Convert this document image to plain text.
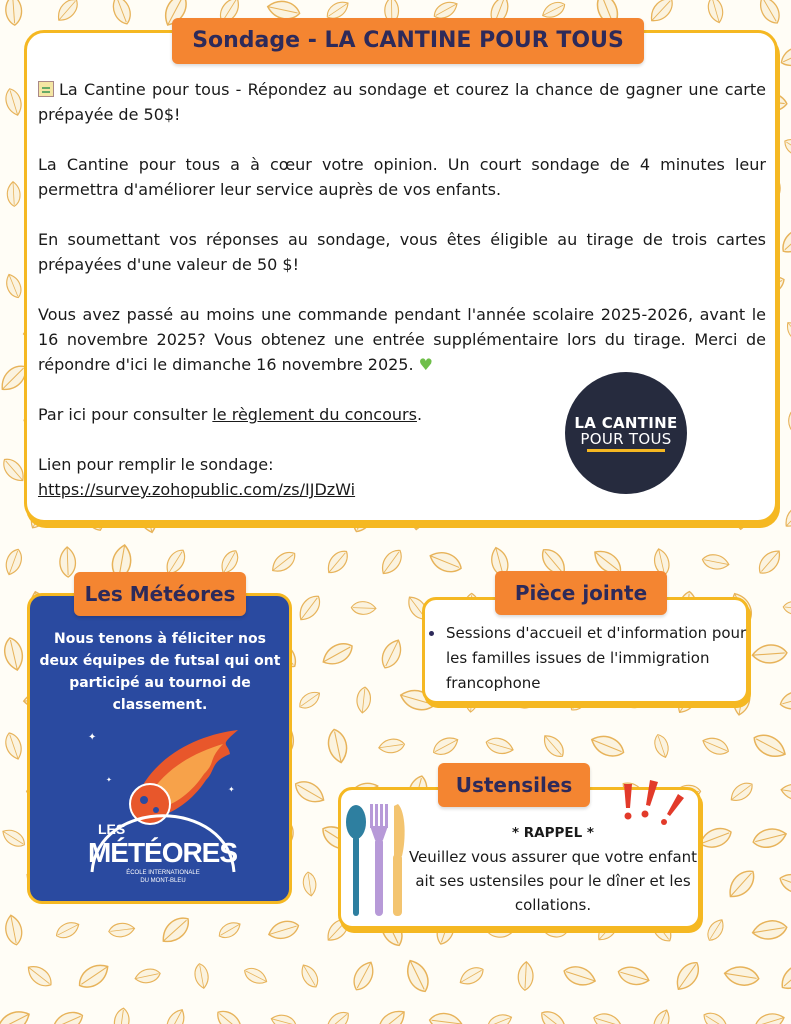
Sondage - LA CANTINE POUR TOUS

La Cantine pour tous - Répondez au sondage et courez la chance de gagner une carte prépayée de 50$!

La Cantine pour tous a à cœur votre opinion. Un court sondage de 4 minutes leur permettra d'améliorer leur service auprès de vos enfants.

En soumettant vos réponses au sondage, vous êtes éligible au tirage de trois cartes prépayées d'une valeur de 50 $!

Vous avez passé au moins une commande pendant l'année scolaire 2025-2026, avant le 16 novembre 2025? Vous obtenez une entrée supplémentaire lors du tirage. Merci de répondre d'ici le dimanche 16 novembre 2025. ♥

Par ici pour consulter le règlement du concours.

Lien pour remplir le sondage:

https://survey.zohopublic.com/zs/IJDzWi

LA CANTINE
POUR TOUS
Les Météores
Nous tenons à féliciter nos deux équipes de futsal qui ont participé au tournoi de classement.
✦
✦
✦
LES
MÉTÉORES
ÉCOLE INTERNATIONALE
DU MONT-BLEU
Pièce jointe
Sessions d'accueil et d'information pour les familles issues de l'immigration francophone
Ustensiles
* RAPPEL *
Veuillez vous assurer que votre enfant ait ses ustensiles pour le dîner et les collations.
